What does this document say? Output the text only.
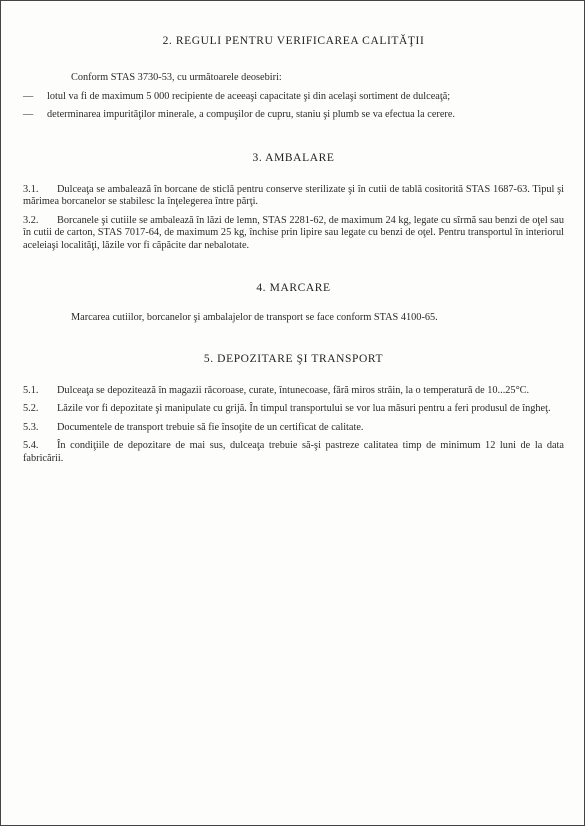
2. REGULI PENTRU VERIFICAREA CALITĂŢII

Conform STAS 3730-53, cu următoarele deosebiri:

— lotul va fi de maximum 5 000 recipiente de aceeaşi capacitate şi din acelaşi sortiment de dulceaţă;

— determinarea impurităţilor minerale, a compuşilor de cupru, staniu şi plumb se va efectua la cerere.

3. AMBALARE

3.1. Dulceaţa se ambalează în borcane de sticlă pentru conserve sterilizate şi în cutii de tablă cositorită STAS 1687-63. Tipul şi mărimea borcanelor se stabilesc la înţelegerea între părţi.

3.2. Borcanele şi cutiile se ambalează în lăzi de lemn, STAS 2281-62, de maximum 24 kg, legate cu sîrmă sau benzi de oţel sau în cutii de carton, STAS 7017-64, de maximum 25 kg, închise prin lipire sau legate cu benzi de oţel. Pentru transportul în interiorul aceleiaşi localităţi, lăzile vor fi căpăcite dar nebalotate.

4. MARCARE

Marcarea cutiilor, borcanelor şi ambalajelor de transport se face conform STAS 4100-65.

5. DEPOZITARE ŞI TRANSPORT

5.1. Dulceaţa se depozitează în magazii răcoroase, curate, întunecoase, fără miros străin, la o temperatură de 10...25°C.

5.2. Lăzile vor fi depozitate şi manipulate cu grijă. În timpul transportului se vor lua măsuri pentru a feri produsul de îngheţ.

5.3. Documentele de transport trebuie să fie însoţite de un certificat de calitate.

5.4. În condiţiile de depozitare de mai sus, dulceaţa trebuie să-şi pastreze calitatea timp de minimum 12 luni de la data fabricării.
